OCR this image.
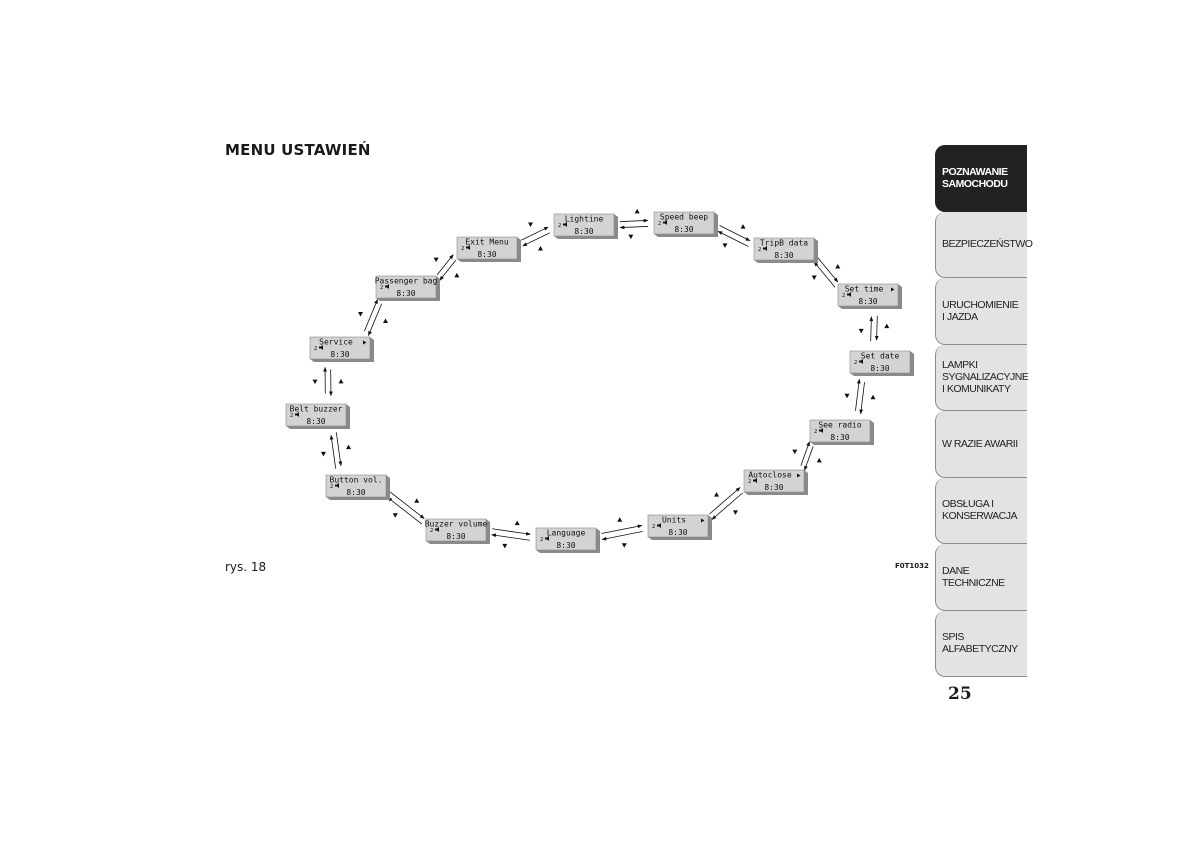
MENU USTAWIEŃ
Lightine
2
8:30
Speed beep
2
8:30
TripB data
2
8:30
Set time
2
8:30
Set date
2
8:30
See radio
2
8:30
Autoclose
2
8:30
Units
2
8:30
Language
2
8:30
Buzzer volume
2
8:30
Button vol.
2
8:30
Belt buzzer
2
8:30
Service
2
8:30
Passenger bag
2
8:30
Exit Menu
2
8:30
rys. 18	F0T1032
POZNAWANIE SAMOCHODU
BEZPIECZEŃSTWO
URUCHOMIENIE I JAZDA
LAMPKI SYGNALIZACYJNE I KOMUNIKATY
W RAZIE AWARII
OBSŁUGA I KONSERWACJA
DANE TECHNICZNE
SPIS ALFABETYCZNY
25
